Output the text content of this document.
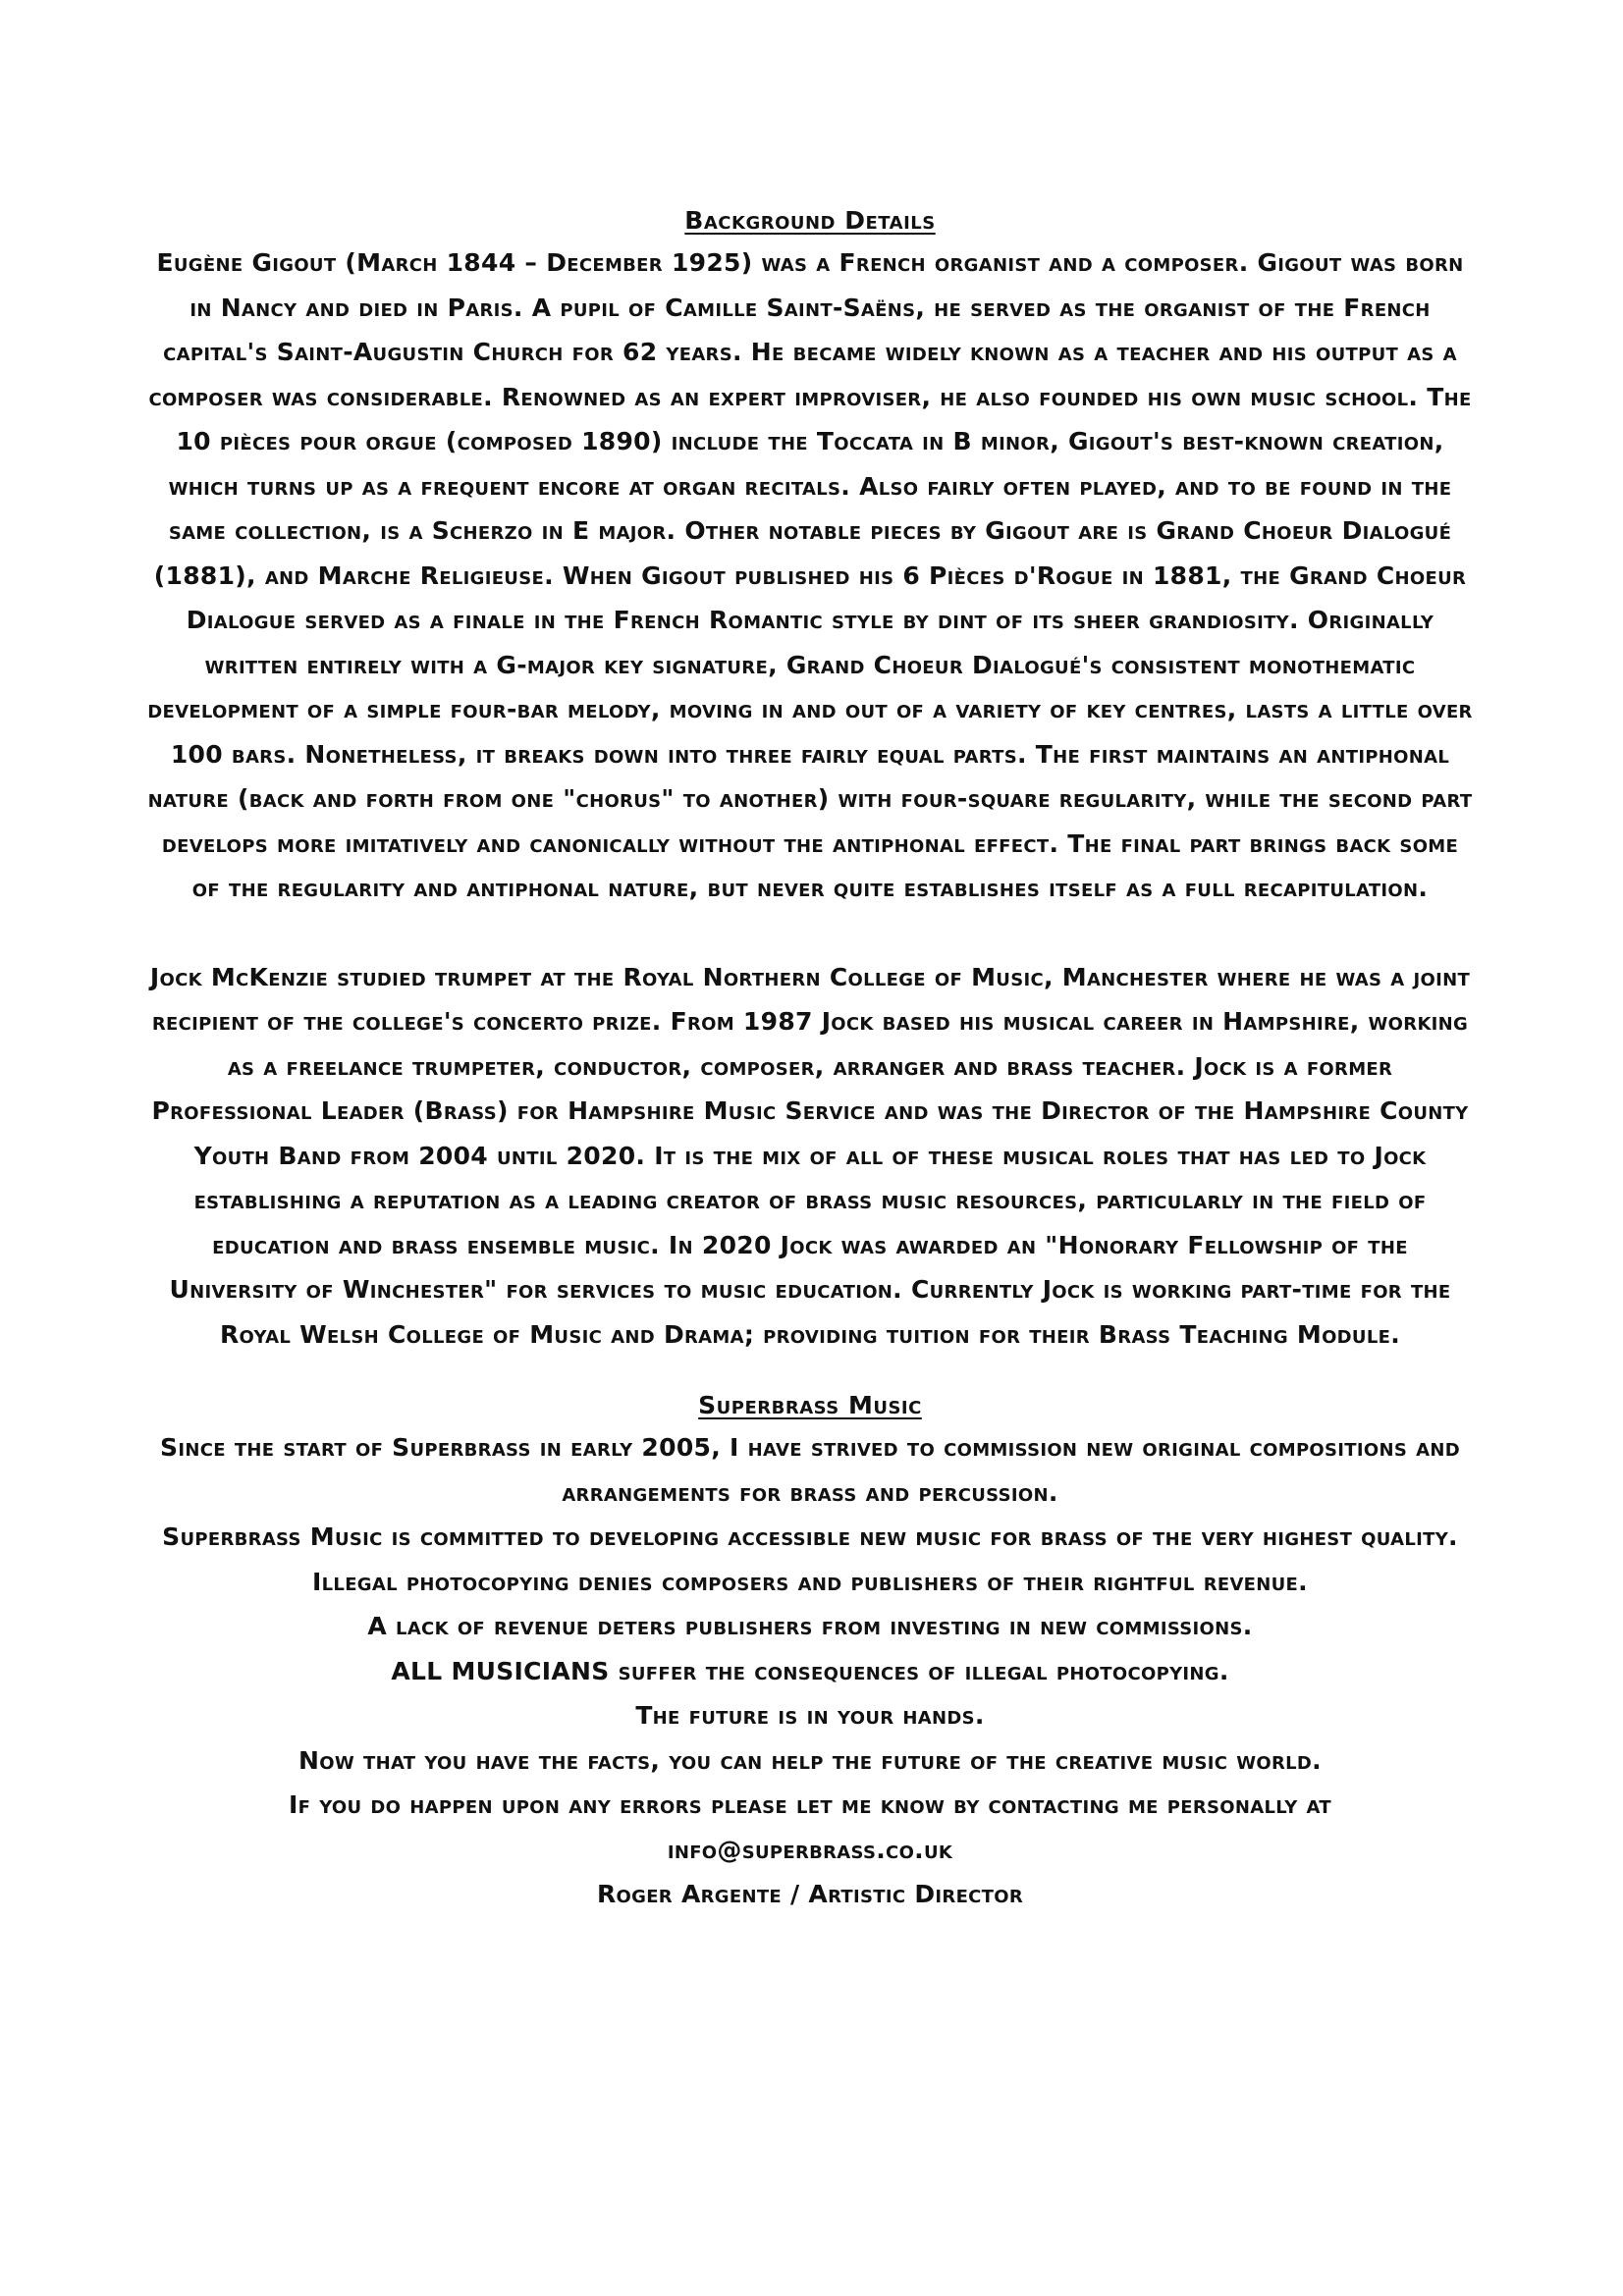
Background Details

Eugène Gigout (March 1844 – December 1925) was a French organist and a composer. Gigout was born in Nancy and died in Paris. A pupil of Camille Saint-Saëns, he served as the organist of the French capital's Saint-Augustin Church for 62 years. He became widely known as a teacher and his output as a composer was considerable. Renowned as an expert improviser, he also founded his own music school. The 10 pièces pour orgue (composed 1890) include the Toccata in B minor, Gigout's best-known creation, which turns up as a frequent encore at organ recitals. Also fairly often played, and to be found in the same collection, is a Scherzo in E major. Other notable pieces by Gigout are is Grand Choeur Dialogué (1881), and Marche Religieuse. When Gigout published his 6 Pièces d'Rogue in 1881, the Grand Choeur Dialogue served as a finale in the French Romantic style by dint of its sheer grandiosity. Originally written entirely with a G-major key signature, Grand Choeur Dialogué's consistent monothematic development of a simple four-bar melody, moving in and out of a variety of key centres, lasts a little over 100 bars. Nonetheless, it breaks down into three fairly equal parts. The first maintains an antiphonal nature (back and forth from one "chorus" to another) with four-square regularity, while the second part develops more imitatively and canonically without the antiphonal effect. The final part brings back some of the regularity and antiphonal nature, but never quite establishes itself as a full recapitulation.

Jock McKenzie studied trumpet at the Royal Northern College of Music, Manchester where he was a joint recipient of the college's concerto prize. From 1987 Jock based his musical career in Hampshire, working as a freelance trumpeter, conductor, composer, arranger and brass teacher. Jock is a former Professional Leader (Brass) for Hampshire Music Service and was the Director of the Hampshire County Youth Band from 2004 until 2020. It is the mix of all of these musical roles that has led to Jock establishing a reputation as a leading creator of brass music resources, particularly in the field of education and brass ensemble music. In 2020 Jock was awarded an "Honorary Fellowship of the University of Winchester" for services to music education. Currently Jock is working part-time for the Royal Welsh College of Music and Drama; providing tuition for their Brass Teaching Module.

Superbrass Music

Since the start of Superbrass in early 2005, I have strived to commission new original compositions and arrangements for brass and percussion.

Superbrass Music is committed to developing accessible new music for brass of the very highest quality.

Illegal photocopying denies composers and publishers of their rightful revenue.

A lack of revenue deters publishers from investing in new commissions.

ALL MUSICIANS suffer the consequences of illegal photocopying.

The future is in your hands.

Now that you have the facts, you can help the future of the creative music world.

If you do happen upon any errors please let me know by contacting me personally at info@superbrass.co.uk

Roger Argente / Artistic Director
